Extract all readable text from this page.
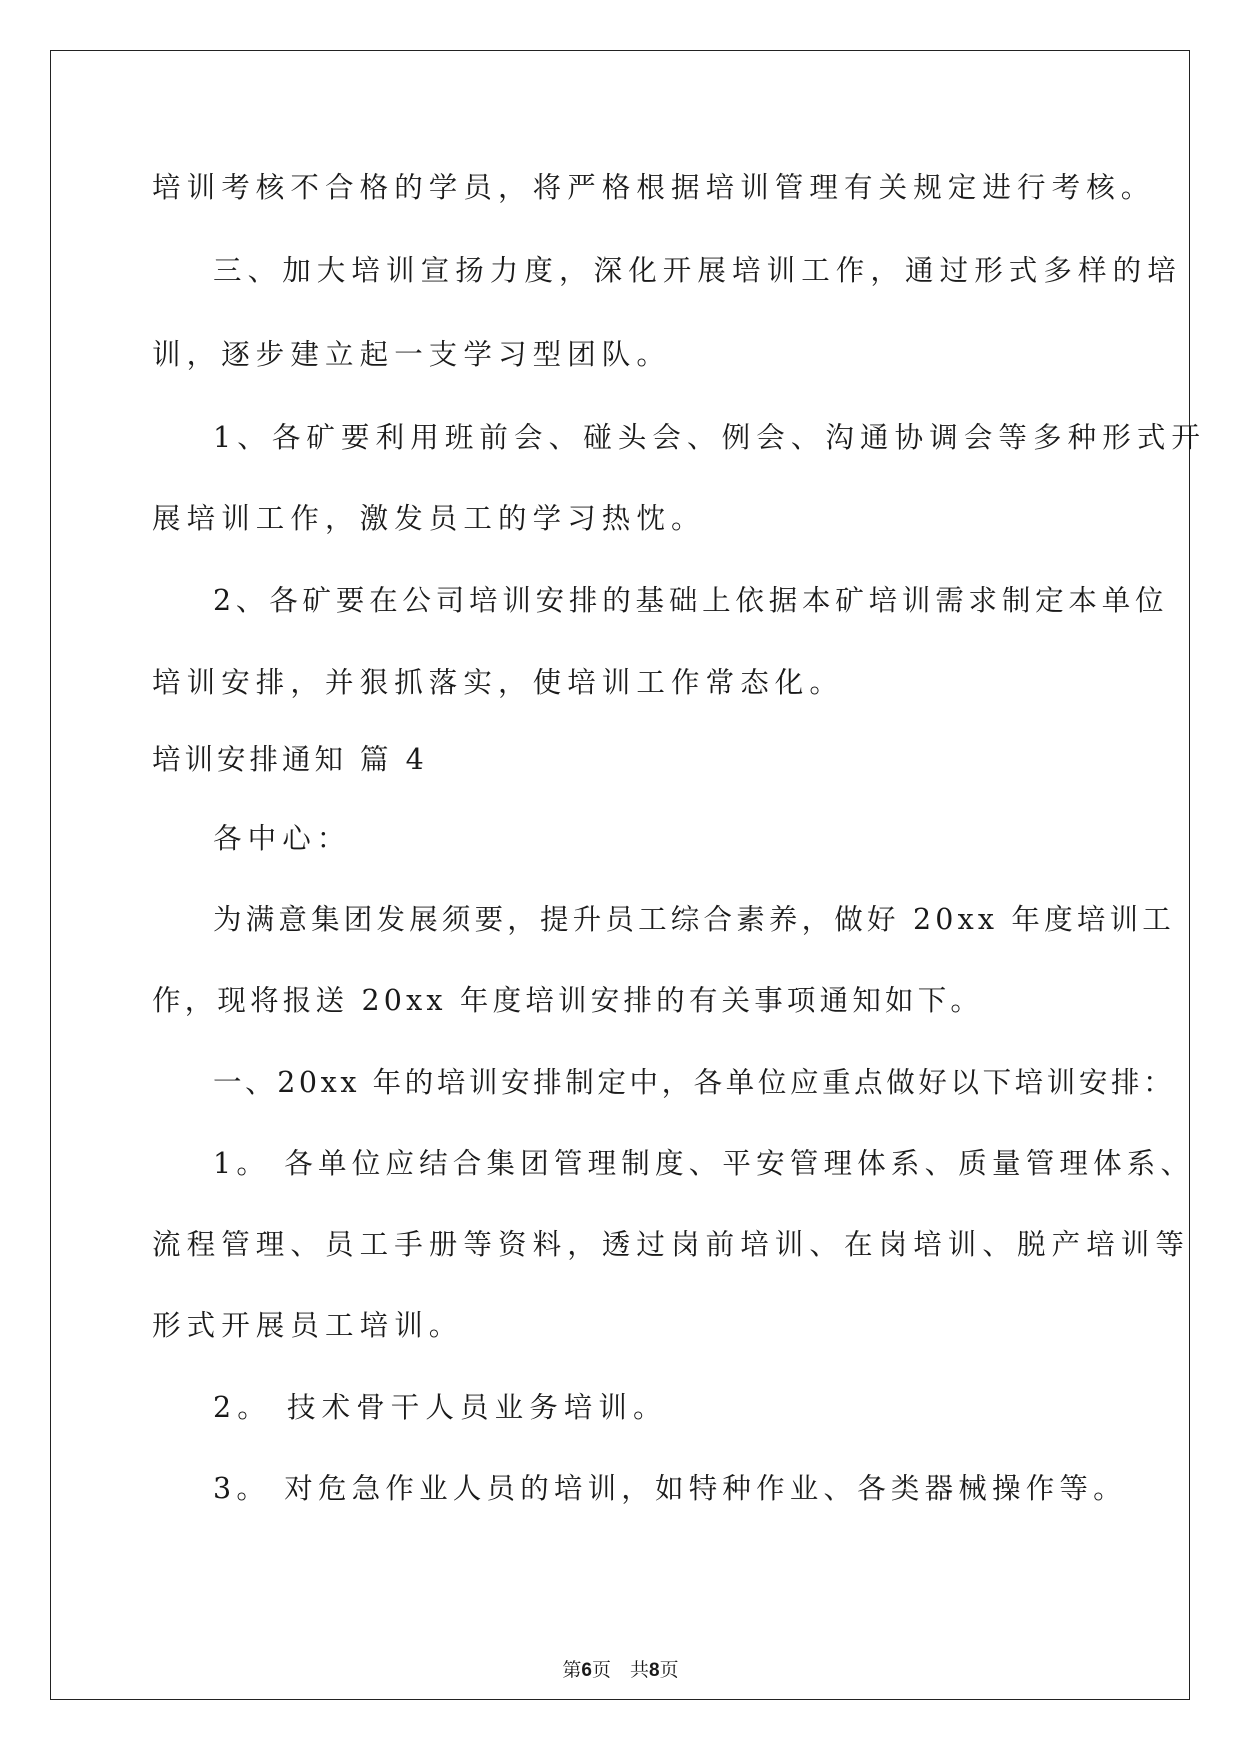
培训考核不合格的学员，将严格根据培训管理有关规定进行考核。
三、加大培训宣扬力度，深化开展培训工作，通过形式多样的培
训，逐步建立起一支学习型团队。
1、各矿要利用班前会、碰头会、例会、沟通协调会等多种形式开
展培训工作，激发员工的学习热忱。
2、各矿要在公司培训安排的基础上依据本矿培训需求制定本单位
培训安排，并狠抓落实，使培训工作常态化。
培训安排通知 篇 4
各中心：
为满意集团发展须要，提升员工综合素养，做好 20xx 年度培训工
作，现将报送 20xx 年度培训安排的有关事项通知如下。
一、20xx 年的培训安排制定中，各单位应重点做好以下培训安排：
1。 各单位应结合集团管理制度、平安管理体系、质量管理体系、
流程管理、员工手册等资料，透过岗前培训、在岗培训、脱产培训等
形式开展员工培训。
2。 技术骨干人员业务培训。
3。 对危急作业人员的培训，如特种作业、各类器械操作等。
第6页　共8页
